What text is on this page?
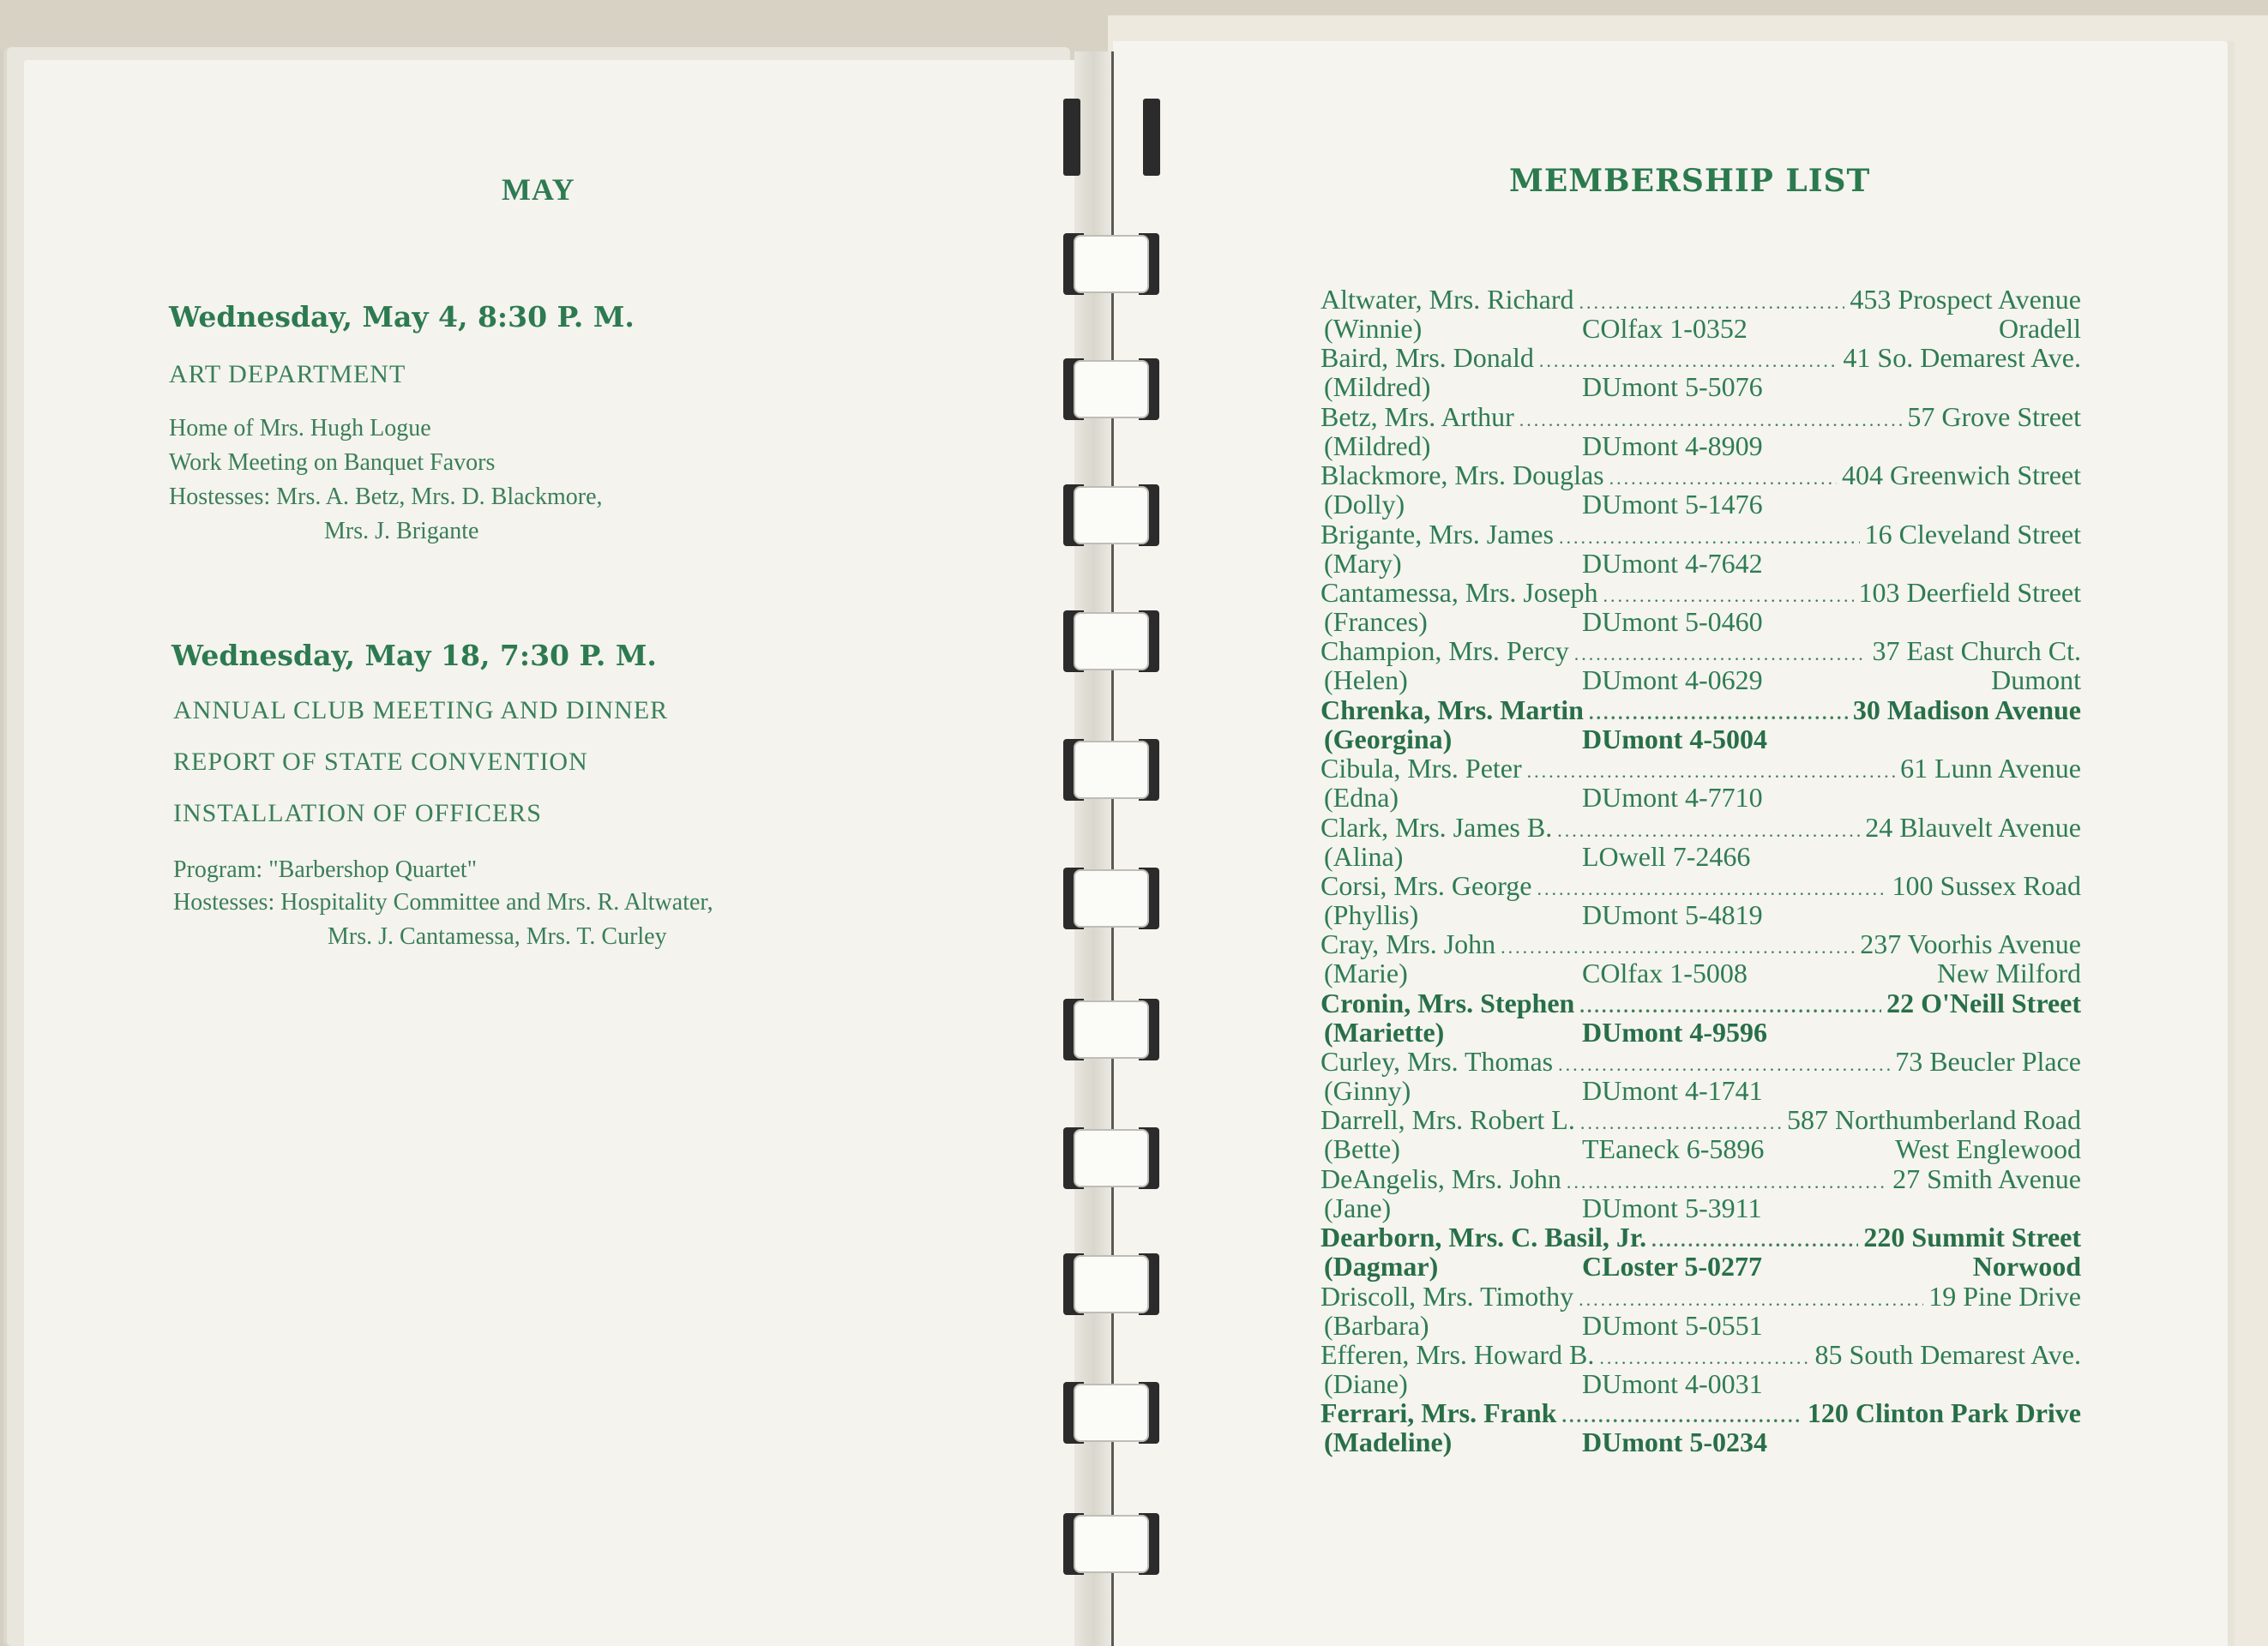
MAY
Wednesday, May 4, 8:30 P. M.
ART DEPARTMENT
Home of Mrs. Hugh Logue
Work Meeting on Banquet Favors
Hostesses: Mrs. A. Betz, Mrs. D. Blackmore,
Mrs. J. Brigante
Wednesday, May 18, 7:30 P. M.
ANNUAL CLUB MEETING AND DINNER
REPORT OF STATE CONVENTION
INSTALLATION OF OFFICERS
Program: "Barbershop Quartet"
Hostesses: Hospitality Committee and Mrs. R. Altwater,
Mrs. J. Cantamessa, Mrs. T. Curley
MEMBERSHIP LIST
Altwater, Mrs. Richard .....	453 Prospect Avenue
(Winnie)	COlfax 1-0352	Oradell
Baird, Mrs. Donald .....	41 So. Demarest Ave.
(Mildred)	DUmont 5-5076
Betz, Mrs. Arthur .....	57 Grove Street
(Mildred)	DUmont 4-8909
Blackmore, Mrs. Douglas .....	404 Greenwich Street
(Dolly)	DUmont 5-1476
Brigante, Mrs. James .....	16 Cleveland Street
(Mary)	DUmont 4-7642
Cantamessa, Mrs. Joseph .....	103 Deerfield Street
(Frances)	DUmont 5-0460
Champion, Mrs. Percy .....	37 East Church Ct.
(Helen)	DUmont 4-0629	Dumont
Chrenka, Mrs. Martin .....	30 Madison Avenue
(Georgina)	DUmont 4-5004
Cibula, Mrs. Peter .....	61 Lunn Avenue
(Edna)	DUmont 4-7710
Clark, Mrs. James B. .....	24 Blauvelt Avenue
(Alina)	LOwell 7-2466
Corsi, Mrs. George .....	100 Sussex Road
(Phyllis)	DUmont 5-4819
Cray, Mrs. John .....	237 Voorhis Avenue
(Marie)	COlfax 1-5008	New Milford
Cronin, Mrs. Stephen .....	22 O'Neill Street
(Mariette)	DUmont 4-9596
Curley, Mrs. Thomas .....	73 Beucler Place
(Ginny)	DUmont 4-1741
Darrell, Mrs. Robert L. .....	587 Northumberland Road
(Bette)	TEaneck 6-5896	West Englewood
DeAngelis, Mrs. John .....	27 Smith Avenue
(Jane)	DUmont 5-3911
Dearborn, Mrs. C. Basil, Jr. .....	220 Summit Street
(Dagmar)	CLoster 5-0277	Norwood
Driscoll, Mrs. Timothy .....	19 Pine Drive
(Barbara)	DUmont 5-0551
Efferen, Mrs. Howard B. .....	85 South Demarest Ave.
(Diane)	DUmont 4-0031
Ferrari, Mrs. Frank .....	120 Clinton Park Drive
(Madeline)	DUmont 5-0234
